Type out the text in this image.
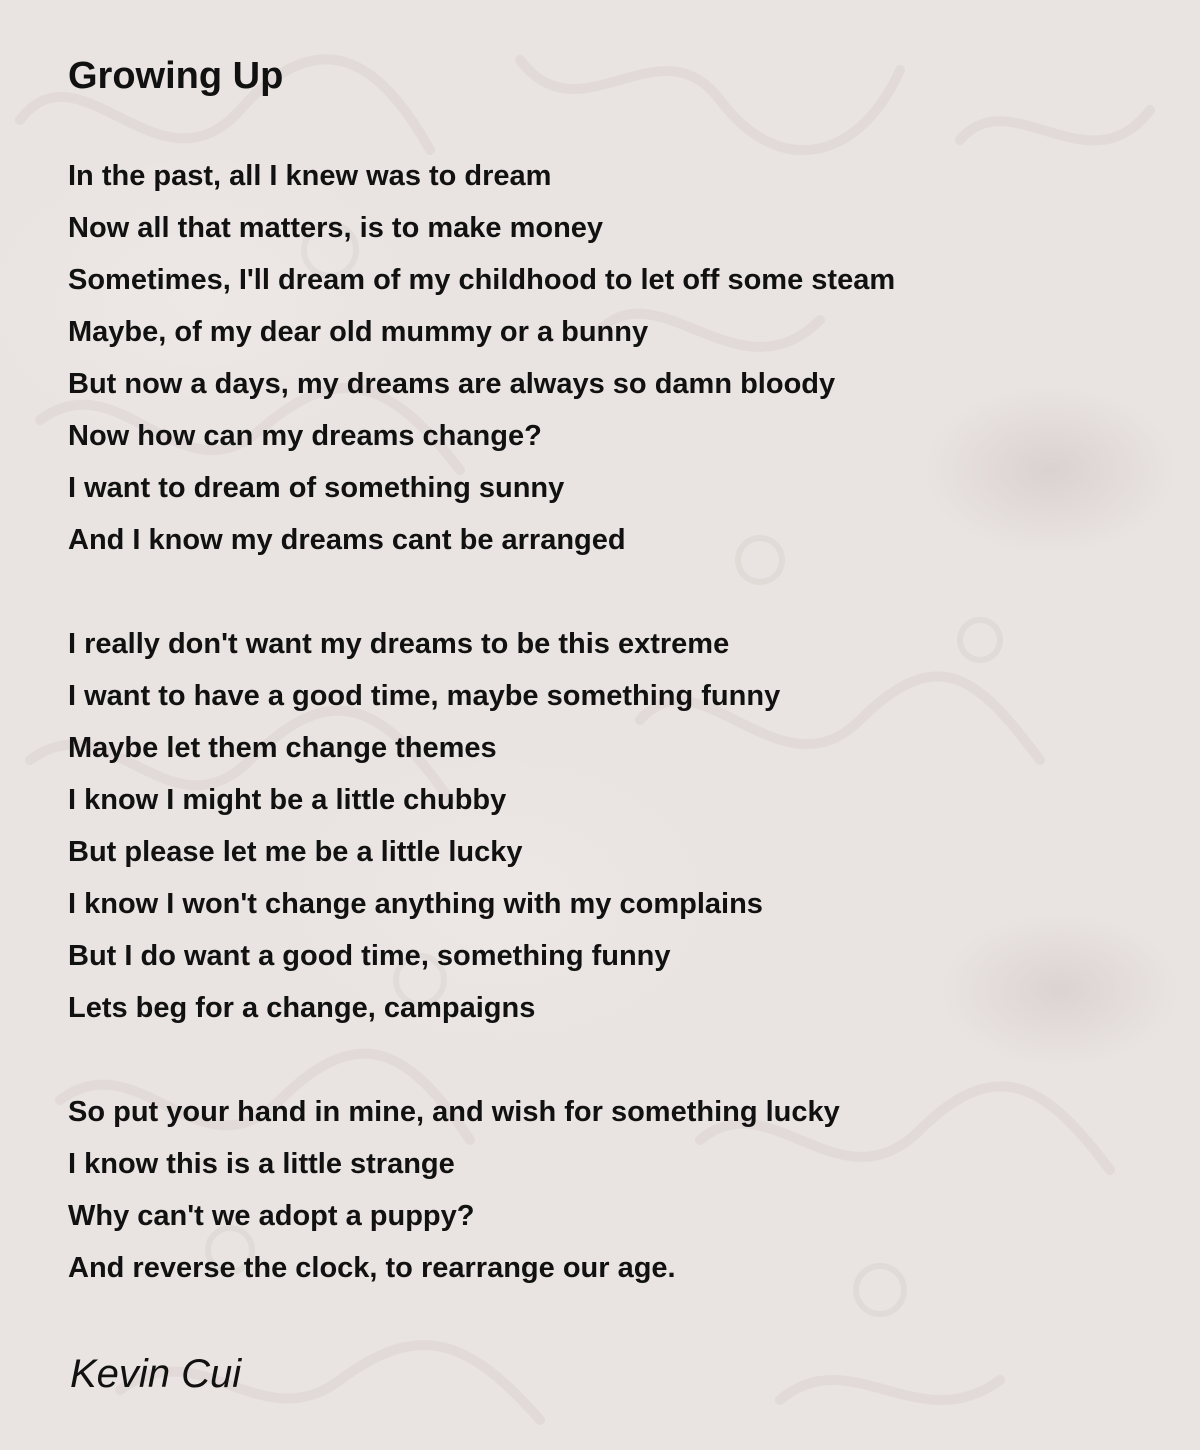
Growing Up
In the past, all I knew was to dream
Now all that matters, is to make money
Sometimes, I'll dream of my childhood to let off some steam
Maybe, of my dear old mummy or a bunny
But now a days, my dreams are always so damn bloody
Now how can my dreams change?
I want to dream of something sunny
And I know my dreams cant be arranged
I really don't want my dreams to be this extreme
I want to have a good time, maybe something funny
Maybe let them change themes
I know I might be a little chubby
But please let me be a little lucky
I know I won't change anything with my complains
But I do want a good time, something funny
Lets beg for a change, campaigns
So put your hand in mine, and wish for something lucky
I know this is a little strange
Why can't we adopt a puppy?
And reverse the clock, to rearrange our age.
Kevin Cui
